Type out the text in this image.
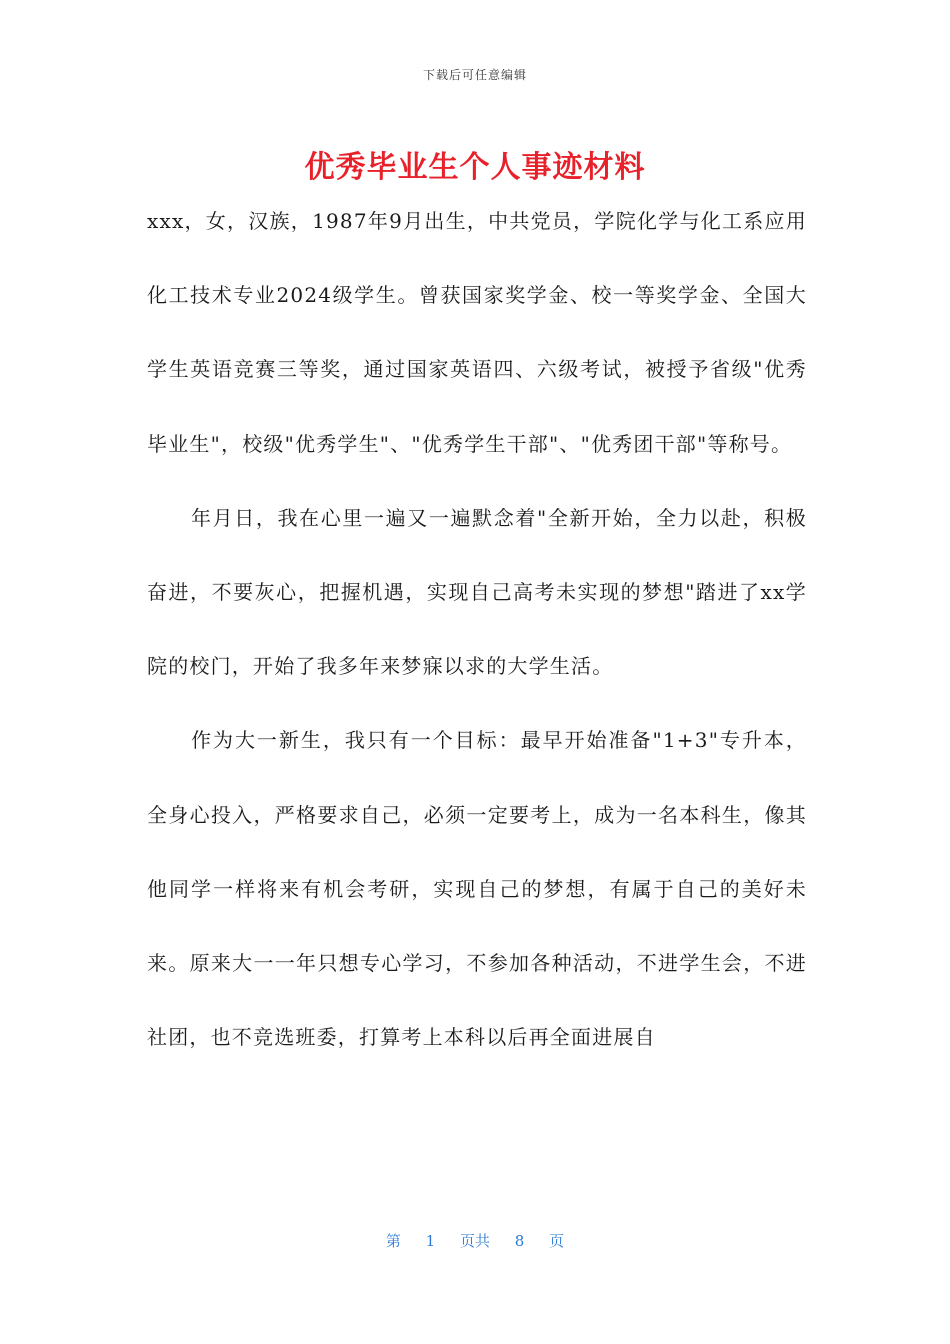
下载后可任意编辑
优秀毕业生个人事迹材料

xxx，女，汉族，1987年9月出生，中共党员，学院化学与化工系应用化工技术专业2024级学生。曾获国家奖学金、校一等奖学金、全国大学生英语竞赛三等奖，通过国家英语四、六级考试，被授予省级"优秀毕业生"，校级"优秀学生"、"优秀学生干部"、"优秀团干部"等称号。

年月日，我在心里一遍又一遍默念着"全新开始，全力以赴，积极奋进，不要灰心，把握机遇，实现自己高考未实现的梦想"踏进了xx学院的校门，开始了我多年来梦寐以求的大学生活。

作为大一新生，我只有一个目标：最早开始准备"1+3"专升本，全身心投入，严格要求自己，必须一定要考上，成为一名本科生，像其他同学一样将来有机会考研，实现自己的梦想，有属于自己的美好未来。原来大一一年只想专心学习，不参加各种活动，不进学生会，不进社团，也不竞选班委，打算考上本科以后再全面进展自

第 1 页共 8 页
